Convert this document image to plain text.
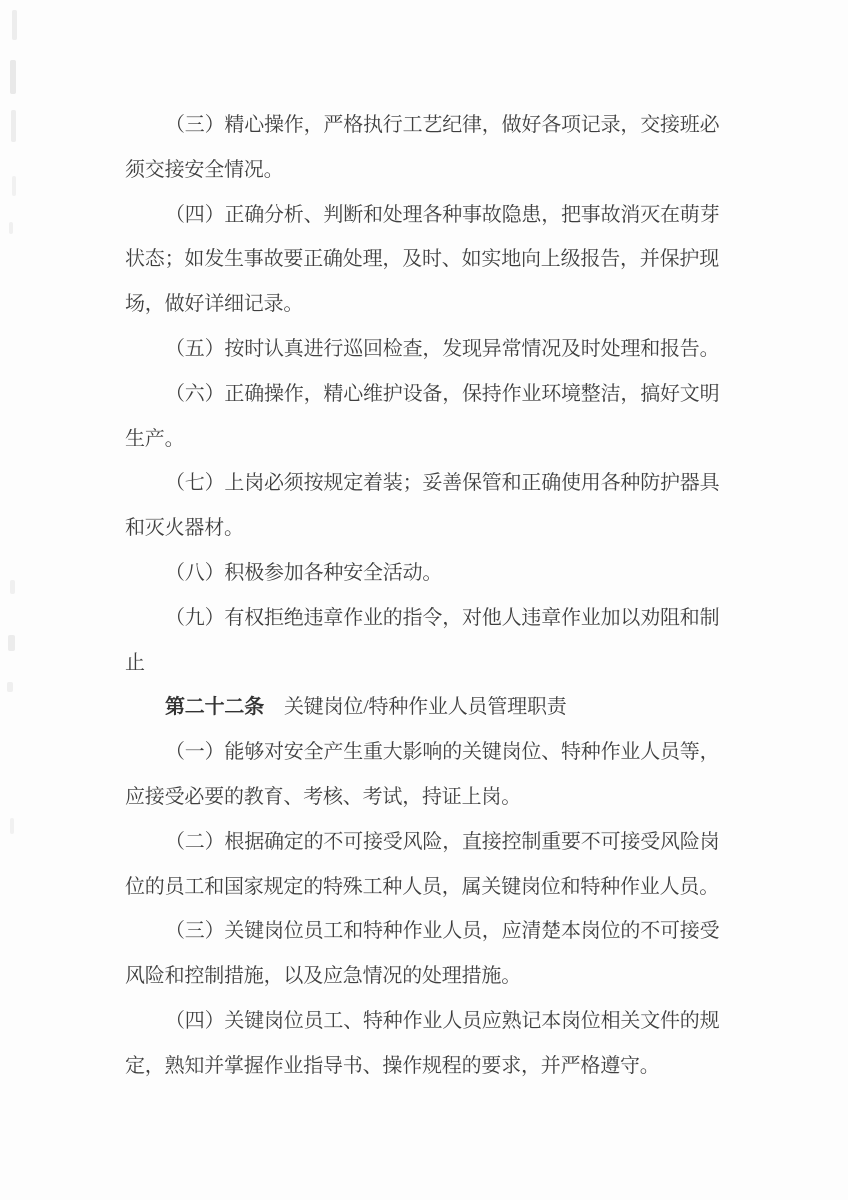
（三）精心操作，严格执行工艺纪律，做好各项记录，交接班必
须交接安全情况。
（四）正确分析、判断和处理各种事故隐患，把事故消灭在萌芽
状态；如发生事故要正确处理，及时、如实地向上级报告，并保护现
场，做好详细记录。
（五）按时认真进行巡回检查，发现异常情况及时处理和报告。
（六）正确操作，精心维护设备，保持作业环境整洁，搞好文明
生产。
（七）上岗必须按规定着装；妥善保管和正确使用各种防护器具
和灭火器材。
（八）积极参加各种安全活动。
（九）有权拒绝违章作业的指令，对他人违章作业加以劝阻和制
止
第二十二条 关键岗位/特种作业人员管理职责
（一）能够对安全产生重大影响的关键岗位、特种作业人员等，
应接受必要的教育、考核、考试，持证上岗。
（二）根据确定的不可接受风险，直接控制重要不可接受风险岗
位的员工和国家规定的特殊工种人员，属关键岗位和特种作业人员。
（三）关键岗位员工和特种作业人员，应清楚本岗位的不可接受
风险和控制措施，以及应急情况的处理措施。
（四）关键岗位员工、特种作业人员应熟记本岗位相关文件的规
定，熟知并掌握作业指导书、操作规程的要求，并严格遵守。
